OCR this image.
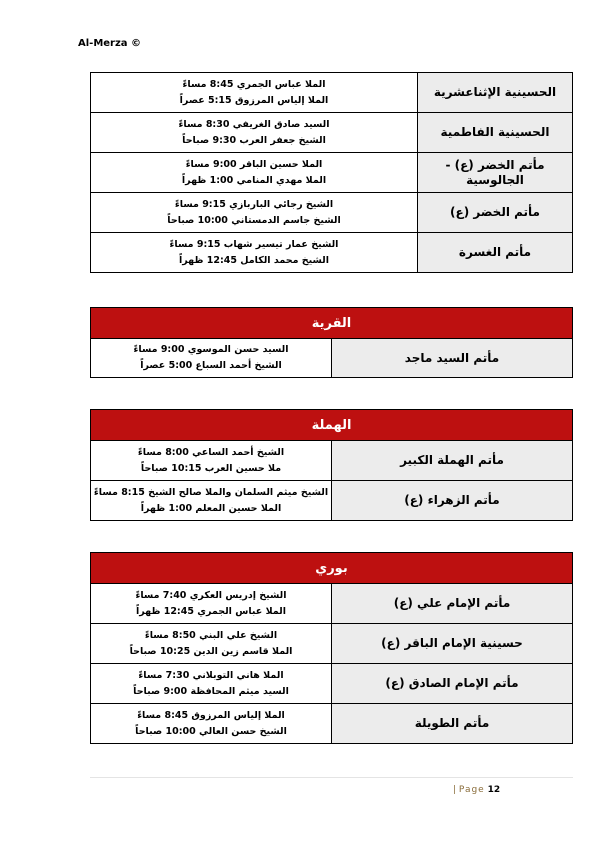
Al-Merza ©
الملا عباس الجمري 8:45 مساءً
الملا إلياس المرزوق 5:15 عصراً	الحسينية الإثناعشرية

السيد صادق الغريفي 8:30 مساءً
الشيخ جعفر العرب 9:30 صباحاً	الحسينية الفاطمية

الملا حسين الباقر 9:00 مساءً
الملا مهدي المنامي 1:00 ظهراً	مأتم الخضر (ع) - الجالوسية

الشيخ رجائي الباربازي 9:15 مساءً
الشيخ جاسم الدمستاني 10:00 صباحاً	مأتم الخضر (ع)

الشيخ عمار تيسير شهاب 9:15 مساءً
الشيخ محمد الكامل 12:45 ظهراً	مأتم الغسرة
القرية

السيد حسن الموسوي 9:00 مساءً
الشيخ أحمد السباع 5:00 عصراً
	مأتم السيد ماجد
الهملة	

الشيخ أحمد الساعي 8:00 مساءً
ملا حسين العرب 10:15 صباحاً	مأتم الهملة الكبير

الشيخ ميثم السلمان والملا صالح الشيخ 8:15 مساءً
الملا حسين المعلم 1:00 ظهراً	مأتم الزهراء (ع)
بوري	

الشيخ إدريس العكري 7:40 مساءً
الملا عباس الجمري 12:45 ظهراً	مأتم الإمام علي (ع)

الشيخ علي البني 8:50 مساءً
الملا قاسم زين الدين 10:25 صباحاً	حسينية الإمام الباقر (ع)

الملا هاني التوبلاني 7:30 مساءً
السيد ميثم المحافظة 9:00 صباحاً	مأتم الإمام الصادق (ع)

الملا إلياس المرزوق 8:45 مساءً
الشيخ حسن العالي 10:00 صباحاً	مأتم الطويلة
| Page 12
